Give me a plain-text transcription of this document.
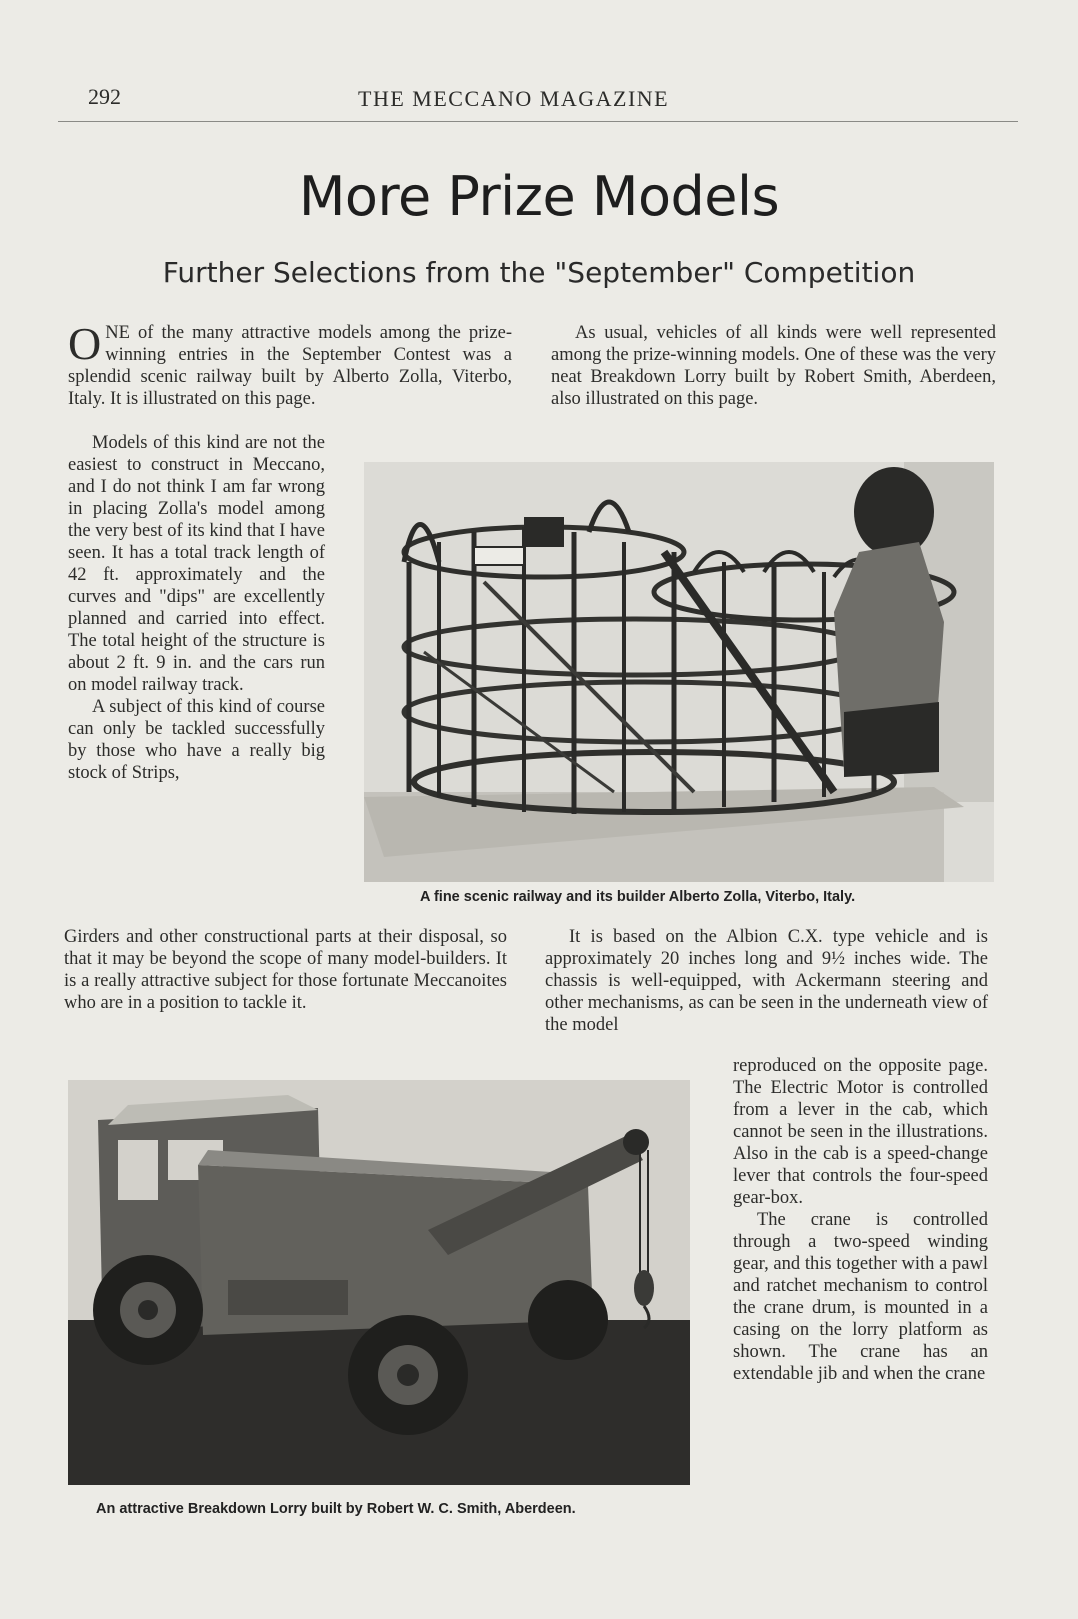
292	THE MECCANO MAGAZINE
More Prize Models
Further Selections from the "September" Competition

ONE of the many attractive models among the prize-winning entries in the September Contest was a splendid scenic railway built by Alberto Zolla, Viterbo, Italy. It is illustrated on this page.

As usual, vehicles of all kinds were well represented among the prize-winning models. One of these was the very neat Breakdown Lorry built by Robert Smith, Aberdeen, also illustrated on this page.

Models of this kind are not the easiest to construct in Meccano, and I do not think I am far wrong in placing Zolla's model among the very best of its kind that I have seen. It has a total track length of 42 ft. approximately and the curves and "dips" are excellently planned and carried into effect. The total height of the structure is about 2 ft. 9 in. and the cars run on model railway track.

A subject of this kind of course can only be tackled successfully by those who have a really big stock of Strips,

A fine scenic railway and its builder Alberto Zolla, Viterbo, Italy.

Girders and other constructional parts at their disposal, so that it may be beyond the scope of many model-builders. It is a really attractive subject for those fortunate Meccanoites who are in a position to tackle it.

It is based on the Albion C.X. type vehicle and is approximately 20 inches long and 9½ inches wide. The chassis is well-equipped, with Ackermann steering and other mechanisms, as can be seen in the underneath view of the model

reproduced on the opposite page. The Electric Motor is controlled from a lever in the cab, which cannot be seen in the illustrations. Also in the cab is a speed-change lever that controls the four-speed gear-box.

The crane is controlled through a two-speed winding gear, and this together with a pawl and ratchet mechanism to control the crane drum, is mounted in a casing on the lorry platform as shown. The crane has an extendable jib and when the crane

An attractive Breakdown Lorry built by Robert W. C. Smith, Aberdeen.
